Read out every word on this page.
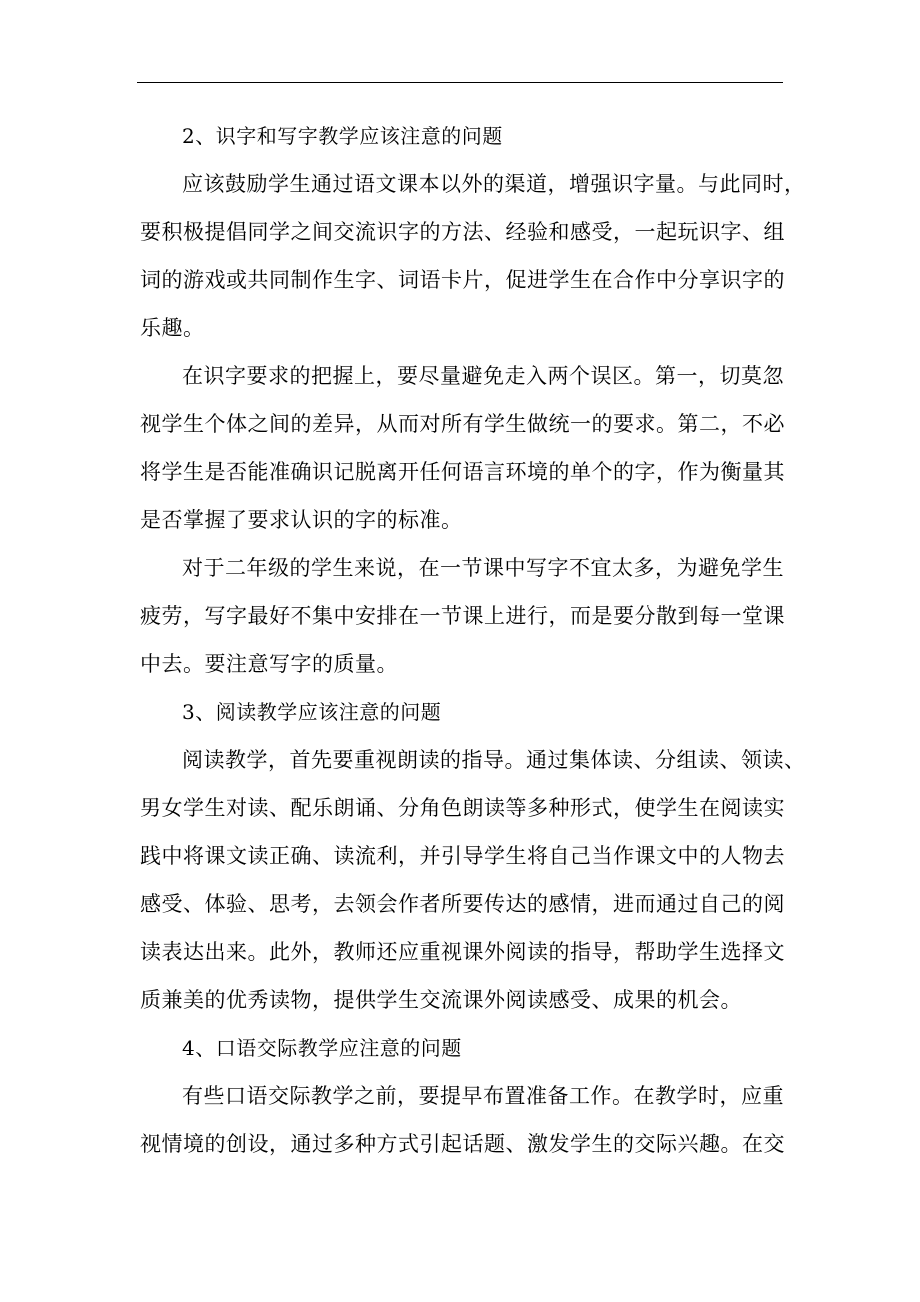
2、识字和写字教学应该注意的问题
应该鼓励学生通过语文课本以外的渠道，增强识字量。与此同时，
要积极提倡同学之间交流识字的方法、经验和感受，一起玩识字、组
词的游戏或共同制作生字、词语卡片，促进学生在合作中分享识字的
乐趣。
在识字要求的把握上，要尽量避免走入两个误区。第一，切莫忽
视学生个体之间的差异，从而对所有学生做统一的要求。第二，不必
将学生是否能准确识记脱离开任何语言环境的单个的字，作为衡量其
是否掌握了要求认识的字的标准。
对于二年级的学生来说，在一节课中写字不宜太多，为避免学生
疲劳，写字最好不集中安排在一节课上进行，而是要分散到每一堂课
中去。要注意写字的质量。
3、阅读教学应该注意的问题
阅读教学，首先要重视朗读的指导。通过集体读、分组读、领读、
男女学生对读、配乐朗诵、分角色朗读等多种形式，使学生在阅读实
践中将课文读正确、读流利，并引导学生将自己当作课文中的人物去
感受、体验、思考，去领会作者所要传达的感情，进而通过自己的阅
读表达出来。此外，教师还应重视课外阅读的指导，帮助学生选择文
质兼美的优秀读物，提供学生交流课外阅读感受、成果的机会。
4、口语交际教学应注意的问题
有些口语交际教学之前，要提早布置准备工作。在教学时，应重
视情境的创设，通过多种方式引起话题、激发学生的交际兴趣。在交
